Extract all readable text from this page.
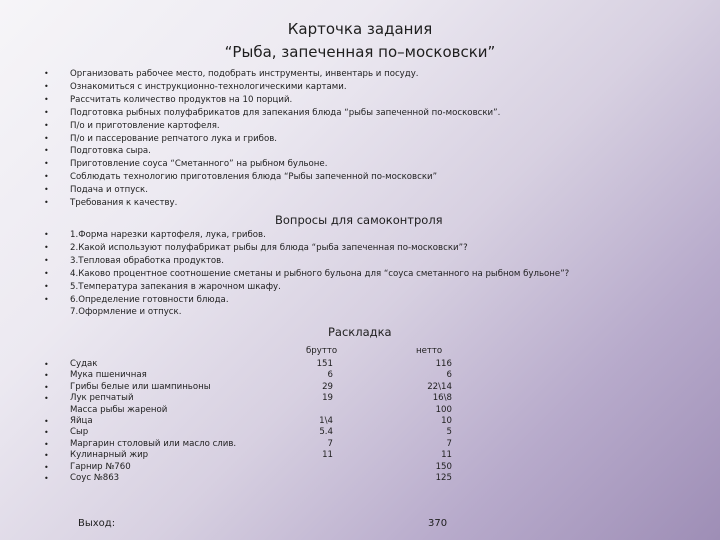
Карточка задания
“Рыба, запеченная по–московски”
• Организовать рабочее место, подобрать инструменты, инвентарь и посуду.
• Ознакомиться с инструкционно-технологическими картами.
• Рассчитать количество продуктов на 10 порций.
• Подготовка рыбных полуфабрикатов для запекания блюда “рыбы запеченной по-московски”.
• П/о и приготовление картофеля.
• П/о и пассерование репчатого лука и грибов.
• Подготовка сыра.
• Приготовление соуса “Сметанного” на рыбном бульоне.
• Соблюдать технологию приготовления блюда “Рыбы запеченной по-московски”
• Подача и отпуск.
• Требования к качеству.
Вопросы для самоконтроля
• 1.Форма нарезки картофеля, лука, грибов.
• 2.Какой используют полуфабрикат рыбы для блюда “рыба запеченная по-московски”?
• 3.Тепловая обработка продуктов.
• 4.Каково процентное соотношение сметаны и рыбного бульона для “соуса сметанного на рыбном бульоне”?
• 5.Температура запекания в жарочном шкафу.
• 6.Определение готовности блюда.
7.Оформление и отпуск.
Раскладка
брутто	нетто
• Судак
• Мука пшеничная
• Грибы белые или шампиньоны
• Лук репчатый
Масса рыбы жареной
• Яйца
• Сыр
• Маргарин столовый или масло слив.
• Кулинарный жир
• Гарнир №760
• Соус №863
151
6
29
19
1\4
5.4
7
11
116
6
22\14
16\8
100
10
5
7
11
150
125
Выход:	370
